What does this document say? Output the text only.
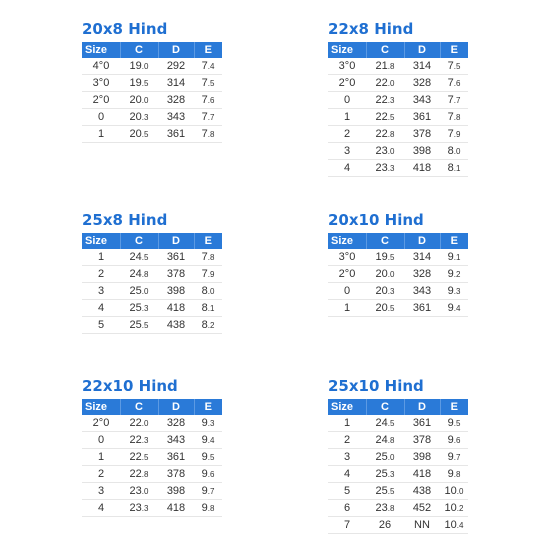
20x8 Hind
Size	C	D	E
4°0	19.0	292	7.4
3°0	19.5	314	7.5
2°0	20.0	328	7.6
0	20.3	343	7.7
1	20.5	361	7.8
22x8 Hind
Size	C	D	E
3°0	21.8	314	7.5
2°0	22.0	328	7.6
0	22.3	343	7.7
1	22.5	361	7.8
2	22.8	378	7.9
3	23.0	398	8.0
4	23.3	418	8.1
25x8 Hind
Size	C	D	E
1	24.5	361	7.8
2	24.8	378	7.9
3	25.0	398	8.0
4	25.3	418	8.1
5	25.5	438	8.2
20x10 Hind
Size	C	D	E
3°0	19.5	314	9.1
2°0	20.0	328	9.2
0	20.3	343	9.3
1	20.5	361	9.4
22x10 Hind
Size	C	D	E
2°0	22.0	328	9.3
0	22.3	343	9.4
1	22.5	361	9.5
2	22.8	378	9.6
3	23.0	398	9.7
4	23.3	418	9.8
25x10 Hind
Size	C	D	E
1	24.5	361	9.5
2	24.8	378	9.6
3	25.0	398	9.7
4	25.3	418	9.8
5	25.5	438	10.0
6	23.8	452	10.2
7	26	NN	10.4
